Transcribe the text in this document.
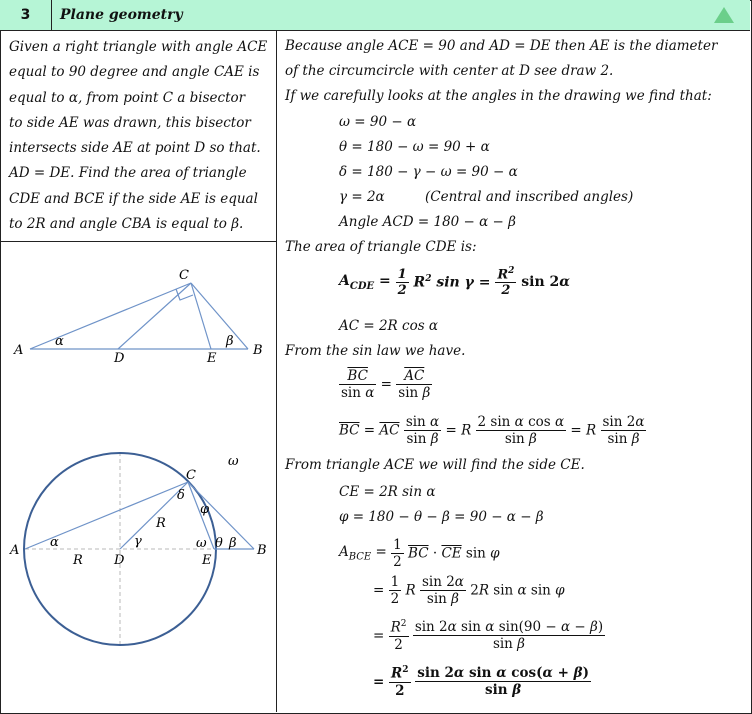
3	Plane geometry
Given a right triangle with angle ACE
equal to 90 degree and angle CAE is
equal to α, from point C a bisector
to side AE was drawn, this bisector
intersects side AE at point D so that.
AD = DE. Find the area of triangle
CDE and BCE if the side AE is equal
to 2R and angle CBA is equal to β.
A	B
C
D	E
α	β
A	B
C
D	E
R
R
α	γ
δ
φ
ω
ω θ β
Because angle ACE = 90 and AD = DE then AE is the diameter
of the circumcircle with center at D see draw 2.
If we carefully looks at the angles in the drawing we find that:
ω = 90 − α
θ = 180 − ω = 90 + α
δ = 180 − γ − ω = 90 − α
γ = 2α	(Central and inscribed angles)
Angle ACD = 180 − α − β
The area of triangle CDE is:
$A_{CDE} = \frac{1}{2} R^2$ $\sin \gamma = \frac{R^2}{2}$ sin 2α
AC = 2R cos α
From the sin law we have.
$\frac{\overline{BC}}{\text{sin α}} = \frac{\overline{AC}}{\text{sin β}}$
$\overline{BC} = \overline{AC} \frac{\text{sin α}}{\text{sin β}} = R \frac{\text{2 sin α cos α}}{\text{sin β}} = R \frac{\sin 2\alpha}{\text{sin β}}$
From triangle ACE we will find the side CE.
CE = 2R sin α
φ = 180 − θ − β = 90 − α − β
$A_{BCE} = \frac{1}{2} \overline{BC} \cdot \overline{CE}$ sin φ
= $\frac{1}{2}$ R $\frac{\sin 2\alpha}{\text{sin β}} 2R$ sin α sin φ
= $\frac{R^2}{2}$
$\frac{\text{sin 2α sin α sin(90 − α − β)}}{\text{sin β}}$
= $\frac{R^2}{2}$
$\frac{\text{sin 2α sin α cos(α + β)}}{\text{sin β}}$
